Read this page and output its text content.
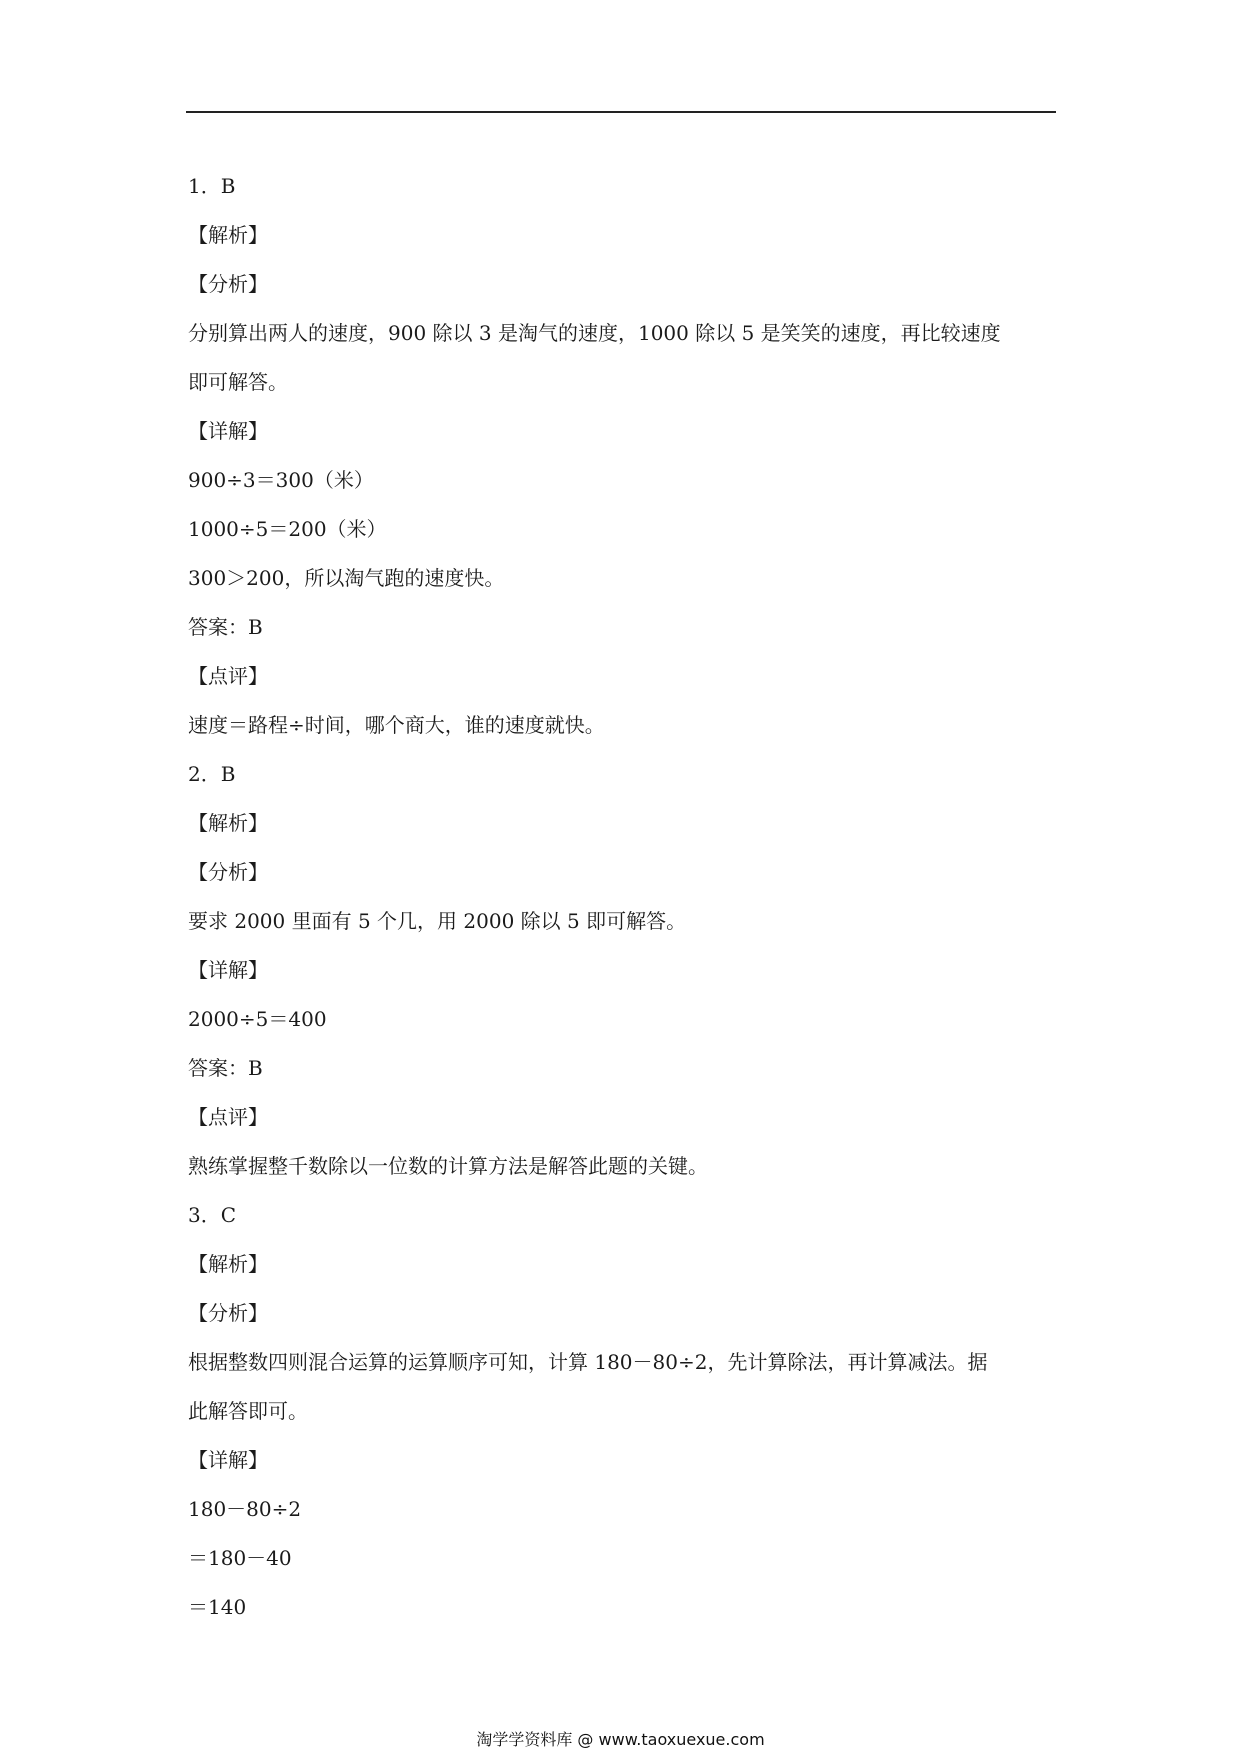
1．B
【解析】
【分析】
分别算出两人的速度，900 除以 3 是淘气的速度，1000 除以 5 是笑笑的速度，再比较速度
即可解答。
【详解】
900÷3＝300（米）
1000÷5＝200（米）
300＞200，所以淘气跑的速度快。
答案：B
【点评】
速度＝路程÷时间，哪个商大，谁的速度就快。
2．B
【解析】
【分析】
要求 2000 里面有 5 个几，用 2000 除以 5 即可解答。
【详解】
2000÷5＝400
答案：B
【点评】
熟练掌握整千数除以一位数的计算方法是解答此题的关键。
3．C
【解析】
【分析】
根据整数四则混合运算的运算顺序可知，计算 180－80÷2，先计算除法，再计算减法。据
此解答即可。
【详解】
180－80÷2
＝180－40
＝140
淘学学资料库 @ www.taoxuexue.com
